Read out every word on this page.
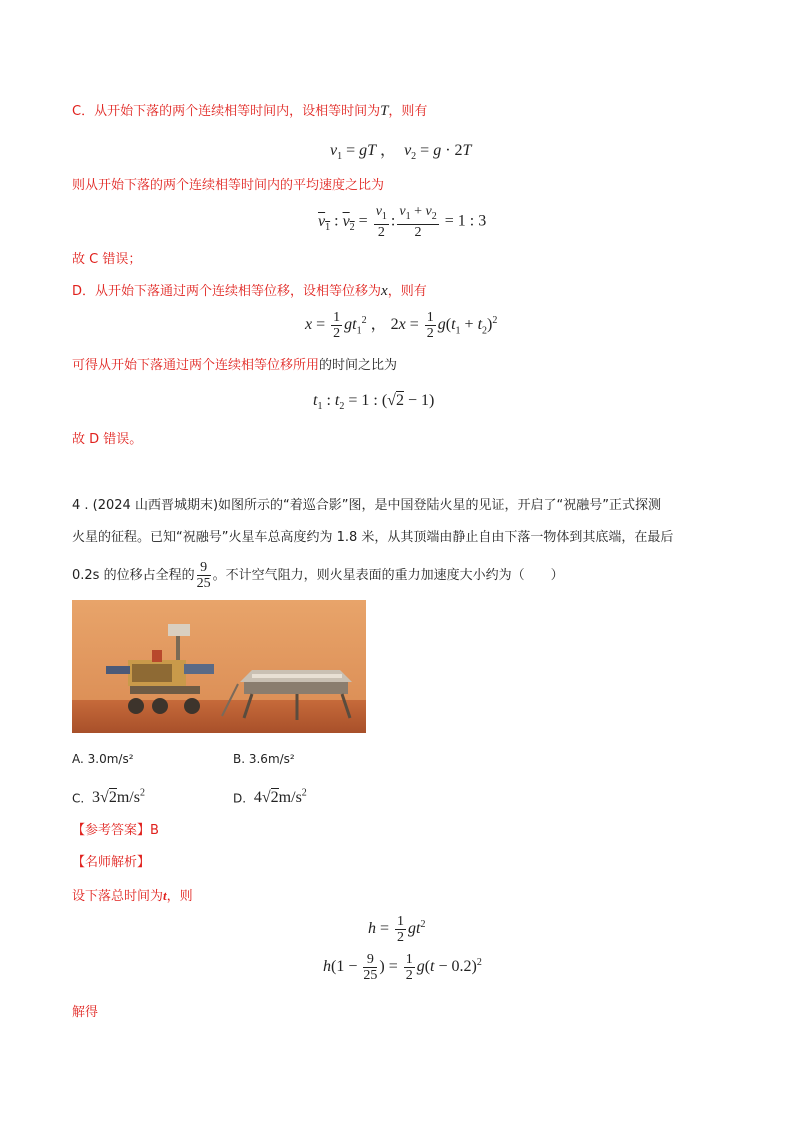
C．从开始下落的两个连续相等时间内，设相等时间为T，则有
$v_1$ = gT ，  $v_2 = g \cdot 2T$
则从开始下落的两个连续相等时间内的平均速度之比为
$v_1$ : $v_2 = \frac{v_1}{2}$ : $\frac{v_1 + v_2}{2} = 1$ : 3
故 C 错误；
D．从开始下落通过两个连续相等位移，设相等位移为x，则有
$x = \frac{1}{2} gt_1^2$ ， $2x = \frac{1}{2} g(t_1 + t_2)^2$
可得从开始下落通过两个连续相等位移所用的时间之比为
$t_1$ : $t_2 = 1$ : (√2 − 1)
故 D 错误。
4 . (2024 山西晋城期末)如图所示的“着巡合影”图，是中国登陆火星的见证，开启了“祝融号”正式探测
火星的征程。已知“祝融号”火星车总高度约为 1.8 米，从其顶端由静止自由下落一物体到其底端，在最后
0.2s 的位移占全程的 $\frac{9}{25}$ 。不计空气阻力，则火星表面的重力加速度大小约为（　　）
A. 3.0m/s²	B. 3.6m/s²
C.  $3√2m/s^2$	D.  $4√2m/s^2$
【参考答案】B
【名师解析】
设下落总时间为t，则
$h = \frac{1}{2} gt^2$
$h(1 - \frac{9}{25}$ ) = $\frac{1}{2} g(t - 0.2)^2$
解得
